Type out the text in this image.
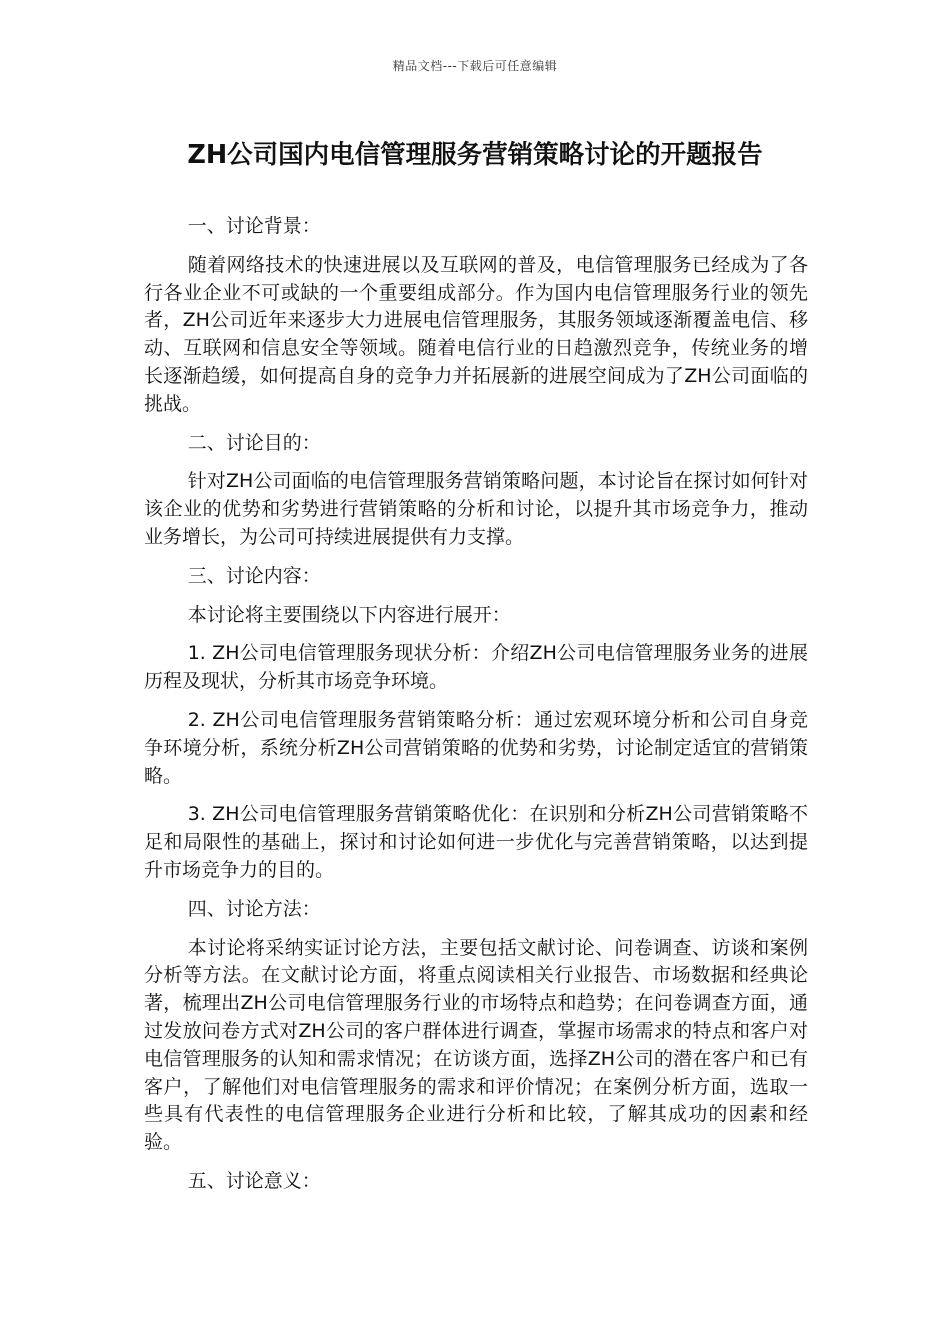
精品文档---下载后可任意编辑
ZH公司国内电信管理服务营销策略讨论的开题报告

一、讨论背景：

随着网络技术的快速进展以及互联网的普及，电信管理服务已经成为了各行各业企业不可或缺的一个重要组成部分。作为国内电信管理服务行业的领先者，ZH公司近年来逐步大力进展电信管理服务，其服务领域逐渐覆盖电信、移动、互联网和信息安全等领域。随着电信行业的日趋激烈竞争，传统业务的增长逐渐趋缓，如何提高自身的竞争力并拓展新的进展空间成为了ZH公司面临的挑战。

二、讨论目的：

针对ZH公司面临的电信管理服务营销策略问题，本讨论旨在探讨如何针对该企业的优势和劣势进行营销策略的分析和讨论，以提升其市场竞争力，推动业务增长，为公司可持续进展提供有力支撑。

三、讨论内容：

本讨论将主要围绕以下内容进行展开：

1. ZH公司电信管理服务现状分析：介绍ZH公司电信管理服务业务的进展历程及现状，分析其市场竞争环境。

2. ZH公司电信管理服务营销策略分析：通过宏观环境分析和公司自身竞争环境分析，系统分析ZH公司营销策略的优势和劣势，讨论制定适宜的营销策略。

3. ZH公司电信管理服务营销策略优化：在识别和分析ZH公司营销策略不足和局限性的基础上，探讨和讨论如何进一步优化与完善营销策略，以达到提升市场竞争力的目的。

四、讨论方法：

本讨论将采纳实证讨论方法，主要包括文献讨论、问卷调查、访谈和案例分析等方法。在文献讨论方面，将重点阅读相关行业报告、市场数据和经典论著，梳理出ZH公司电信管理服务行业的市场特点和趋势；在问卷调查方面，通过发放问卷方式对ZH公司的客户群体进行调查，掌握市场需求的特点和客户对电信管理服务的认知和需求情况；在访谈方面，选择ZH公司的潜在客户和已有客户，了解他们对电信管理服务的需求和评价情况；在案例分析方面，选取一些具有代表性的电信管理服务企业进行分析和比较，了解其成功的因素和经验。

五、讨论意义：
